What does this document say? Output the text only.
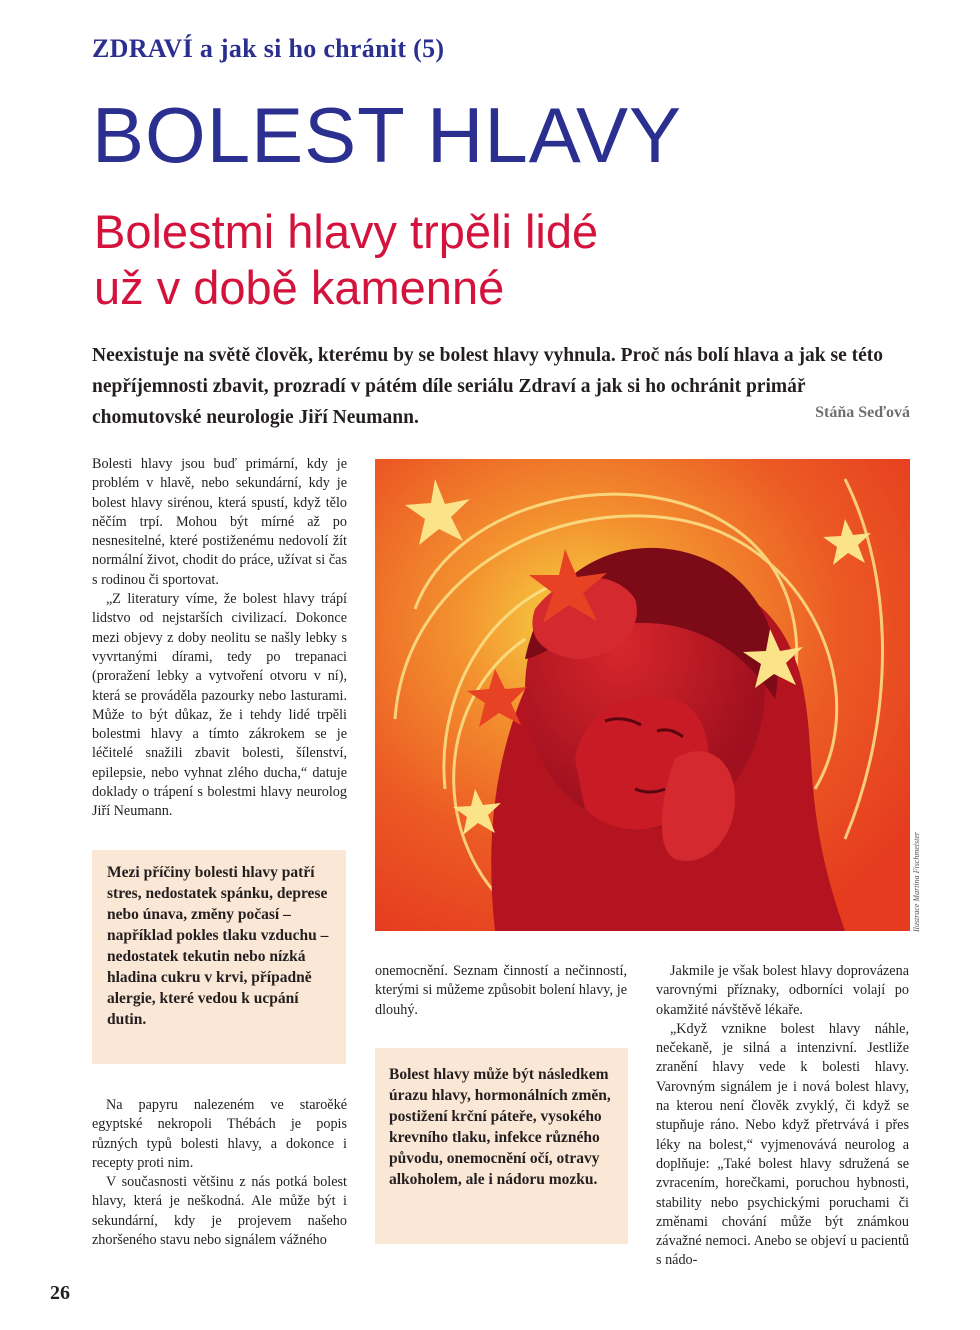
ZDRAVÍ a jak si ho chránit (5)
BOLEST HLAVY
Bolestmi hlavy trpěli lidé
už v době kamenné
Neexistuje na světě člověk, kterému by se bolest hlavy vyhnula. Proč nás bolí hlava a jak se této nepříjemnosti zbavit, prozradí v pátém díle seriálu Zdraví a jak si ho ochránit primář chomutovské neurologie Jiří Neumann.	Stáňa Seďová

Bolesti hlavy jsou buď primární, kdy je problém v hlavě, nebo sekundární, kdy je bolest hlavy sirénou, která spustí, když tělo něčím trpí. Mohou být mírné až po nesnesitelné, které postiženému nedovolí žít normální život, chodit do práce, užívat si čas s rodinou či sportovat.

„Z literatury víme, že bolest hlavy trápí lidstvo od nejstarších civilizací. Dokonce mezi objevy z doby neolitu se našly lebky s vyvrtanými dírami, tedy po trepanaci (proražení lebky a vytvoření otvoru v ní), která se prováděla pazourky nebo lasturami. Může to být důkaz, že i tehdy lidé trpěli bolestmi hlavy a tímto zákrokem se je léčitelé snažili zbavit bolesti, šílenství, epilepsie, nebo vyhnat zlého ducha,“ datuje doklady o trápení s bolestmi hlavy neurolog Jiří Neumann.

Mezi příčiny bolesti hlavy patří stres, nedostatek spánku, deprese nebo únava, změny počasí – například pokles tlaku vzduchu – nedostatek tekutin nebo nízká hladina cukru v krvi, případně alergie, které vedou k ucpání dutin.

Na papyru nalezeném ve staroěké egyptské nekropoli Thébách je popis různých typů bolesti hlavy, a dokonce i recepty proti nim.

V současnosti většinu z nás potká bolest hlavy, která je neškodná. Ale může být i sekundární, kdy je projevem našeho zhoršeného stavu nebo signálem vážného

Ilustrace Martina Fischmeister

onemocnění. Seznam činností a nečinností, kterými si můžeme způsobit bolení hlavy, je dlouhý.

Bolest hlavy může být následkem úrazu hlavy, hormonálních změn, postižení krční páteře, vysokého krevního tlaku, infekce různého původu, onemocnění očí, otravy alkoholem, ale i nádoru mozku.

Jakmile je však bolest hlavy doprovázena varovnými příznaky, odborníci volají po okamžité návštěvě lékaře.

„Když vznikne bolest hlavy náhle, nečekaně, je silná a intenzivní. Jestliže zranění hlavy vede k bolesti hlavy. Varovným signálem je i nová bolest hlavy, na kterou není člověk zvyklý, či když se stupňuje ráno. Nebo když přetrvává i přes léky na bolest,“ vyjmenovává neurolog a doplňuje: „Také bolest hlavy sdružená se zvracením, horečkami, poruchou hybnosti, stability nebo psychickými poruchami či změnami chování může být známkou závažné nemoci. Anebo se objeví u pacientů s nádo-

26
